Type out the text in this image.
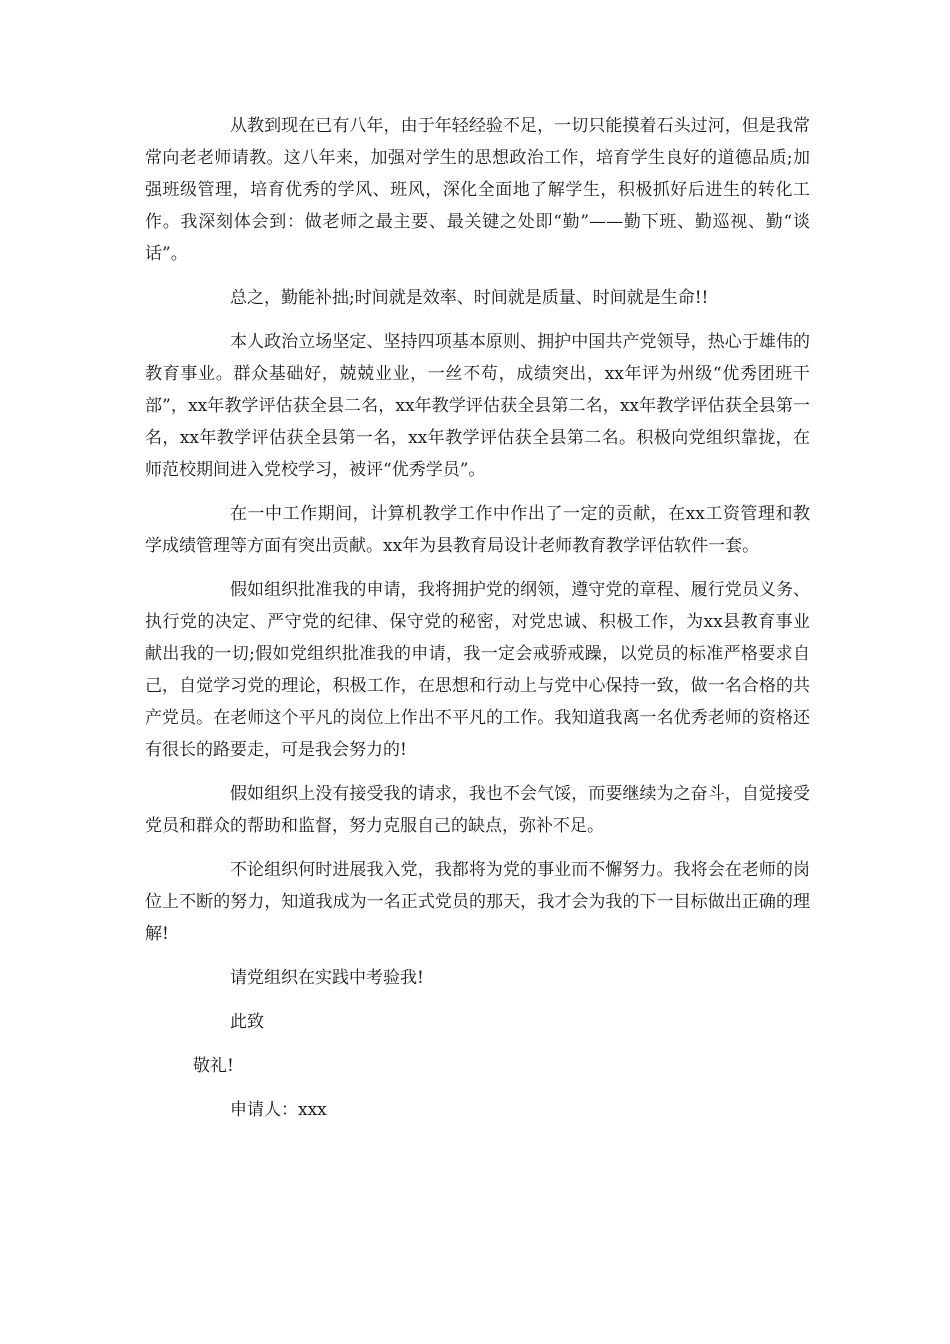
从教到现在已有八年，由于年轻经验不足，一切只能摸着石头过河，但是我常常向老老师请教。这八年来，加强对学生的思想政治工作，培育学生良好的道德品质;加强班级管理，培育优秀的学风、班风，深化全面地了解学生，积极抓好后进生的转化工作。我深刻体会到：做老师之最主要、最关键之处即“勤”——勤下班、勤巡视、勤“谈话”。

总之，勤能补拙;时间就是效率、时间就是质量、时间就是生命!!

本人政治立场坚定、坚持四项基本原则、拥护中国共产党领导，热心于雄伟的教育事业。群众基础好，兢兢业业，一丝不苟，成绩突出，xx年评为州级“优秀团班干部”，xx年教学评估获全县二名，xx年教学评估获全县第二名，xx年教学评估获全县第一名，xx年教学评估获全县第一名，xx年教学评估获全县第二名。积极向党组织靠拢，在师范校期间进入党校学习，被评“优秀学员”。

在一中工作期间，计算机教学工作中作出了一定的贡献，在xx工资管理和教学成绩管理等方面有突出贡献。xx年为县教育局设计老师教育教学评估软件一套。

假如组织批准我的申请，我将拥护党的纲领，遵守党的章程、履行党员义务、执行党的决定、严守党的纪律、保守党的秘密，对党忠诚、积极工作，为xx县教育事业献出我的一切;假如党组织批准我的申请，我一定会戒骄戒躁，以党员的标准严格要求自己，自觉学习党的理论，积极工作，在思想和行动上与党中心保持一致，做一名合格的共产党员。在老师这个平凡的岗位上作出不平凡的工作。我知道我离一名优秀老师的资格还有很长的路要走，可是我会努力的!

假如组织上没有接受我的请求，我也不会气馁，而要继续为之奋斗，自觉接受党员和群众的帮助和监督，努力克服自己的缺点，弥补不足。

不论组织何时进展我入党，我都将为党的事业而不懈努力。我将会在老师的岗位上不断的努力，知道我成为一名正式党员的那天，我才会为我的下一目标做出正确的理解!

请党组织在实践中考验我!

此致

敬礼!

申请人：xxx
